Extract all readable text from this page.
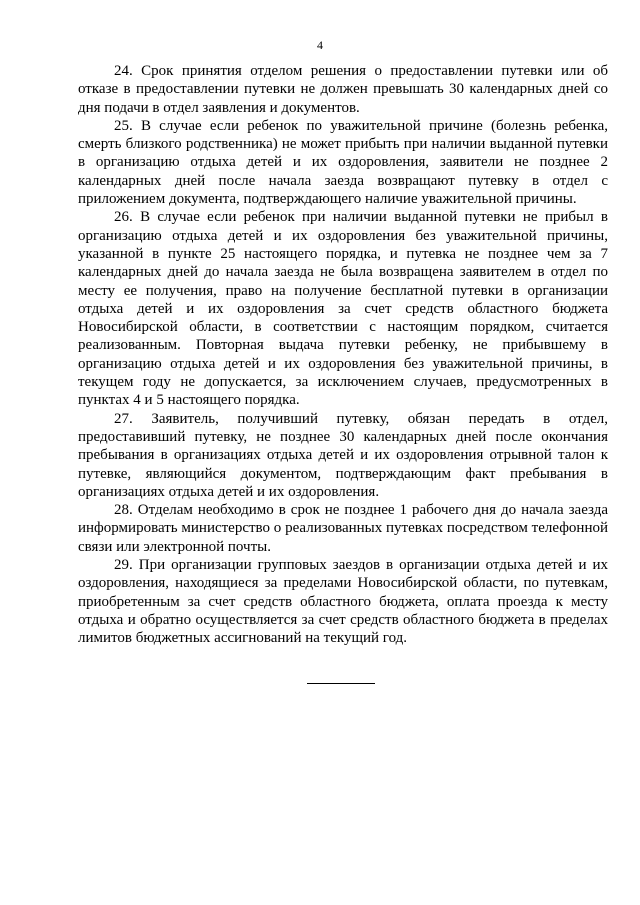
4

24. Срок принятия отделом решения о предоставлении путевки или об отказе в предоставлении путевки не должен превышать 30 календарных дней со дня подачи в отдел заявления и документов.

25. В случае если ребенок по уважительной причине (болезнь ребенка, смерть близкого родственника) не может прибыть при наличии выданной путевки в организацию отдыха детей и их оздоровления, заявители не позднее 2 календарных дней после начала заезда возвращают путевку в отдел с приложением документа, подтверждающего наличие уважительной причины.

26. В случае если ребенок при наличии выданной путевки не прибыл в организацию отдыха детей и их оздоровления без уважительной причины, указанной в пункте 25 настоящего порядка, и путевка не позднее чем за 7 календарных дней до начала заезда не была возвращена заявителем в отдел по месту ее получения, право на получение бесплатной путевки в организации отдыха детей и их оздоровления за счет средств областного бюджета Новосибирской области, в соответствии с настоящим порядком, считается реализованным. Повторная выдача путевки ребенку, не прибывшему в организацию отдыха детей и их оздоровления без уважительной причины, в текущем году не допускается, за исключением случаев, предусмотренных в пунктах 4 и 5 настоящего порядка.

27. Заявитель, получивший путевку, обязан передать в отдел, предоставивший путевку, не позднее 30 календарных дней после окончания пребывания в организациях отдыха детей и их оздоровления отрывной талон к путевке, являющийся документом, подтверждающим факт пребывания в организациях отдыха детей и их оздоровления.

28. Отделам необходимо в срок не позднее 1 рабочего дня до начала заезда информировать министерство о реализованных путевках посредством телефонной связи или электронной почты.

29. При организации групповых заездов в организации отдыха детей и их оздоровления, находящиеся за пределами Новосибирской области, по путевкам, приобретенным за счет средств областного бюджета, оплата проезда к месту отдыха и обратно осуществляется за счет средств областного бюджета в пределах лимитов бюджетных ассигнований на текущий год.
